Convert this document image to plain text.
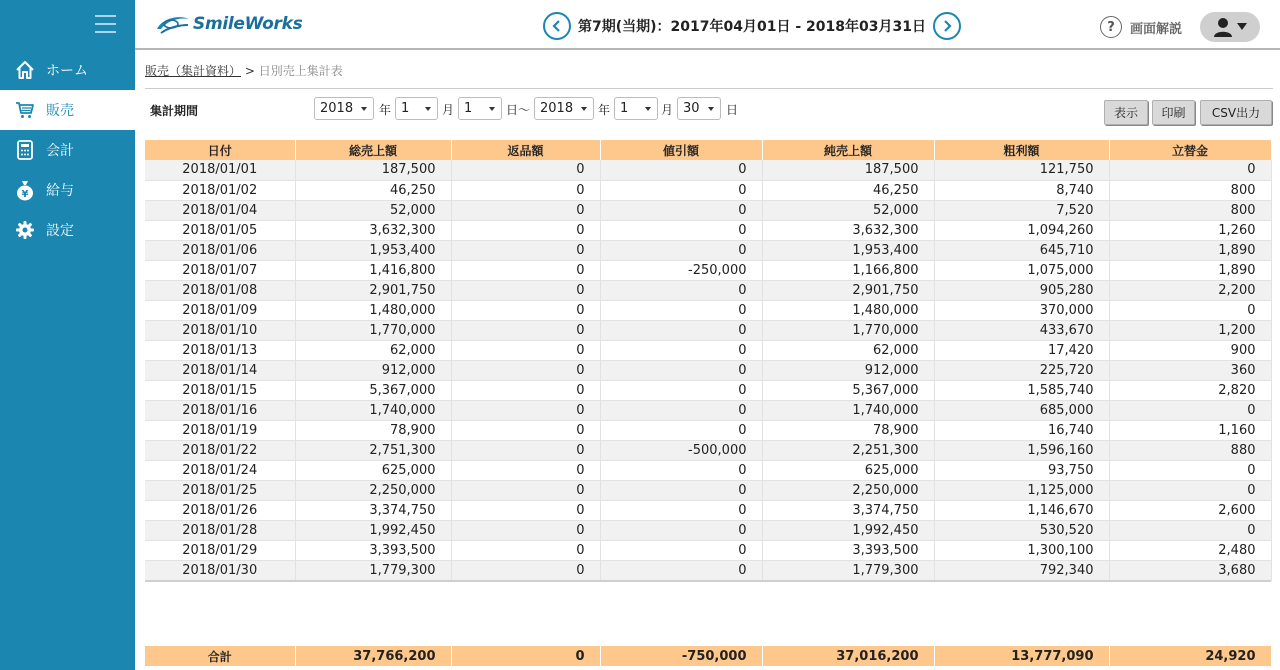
ホーム
販売
会計
¥ 給与
設定
SmileWorks	第7期(当期)：2017年04月01日 - 2018年03月31日	?	画面解説
販売（集計資料） > 日別売上集計表
集計期間	2018	年 1	月 1	日〜 2018	年 1	月 30	日	表示	印刷	CSV出力
日付	総売上額	返品額	値引額	純売上額	粗利額	立替金
2018/01/01	187,500	0	0	187,500	121,750	0
2018/01/02	46,250	0	0	46,250	8,740	800
2018/01/04	52,000	0	0	52,000	7,520	800
2018/01/05	3,632,300	0	0	3,632,300	1,094,260	1,260
2018/01/06	1,953,400	0	0	1,953,400	645,710	1,890
2018/01/07	1,416,800	0	-250,000	1,166,800	1,075,000	1,890
2018/01/08	2,901,750	0	0	2,901,750	905,280	2,200
2018/01/09	1,480,000	0	0	1,480,000	370,000	0
2018/01/10	1,770,000	0	0	1,770,000	433,670	1,200
2018/01/13	62,000	0	0	62,000	17,420	900
2018/01/14	912,000	0	0	912,000	225,720	360
2018/01/15	5,367,000	0	0	5,367,000	1,585,740	2,820
2018/01/16	1,740,000	0	0	1,740,000	685,000	0
2018/01/19	78,900	0	0	78,900	16,740	1,160
2018/01/22	2,751,300	0	-500,000	2,251,300	1,596,160	880
2018/01/24	625,000	0	0	625,000	93,750	0
2018/01/25	2,250,000	0	0	2,250,000	1,125,000	0
2018/01/26	3,374,750	0	0	3,374,750	1,146,670	2,600
2018/01/28	1,992,450	0	0	1,992,450	530,520	0
2018/01/29	3,393,500	0	0	3,393,500	1,300,100	2,480
2018/01/30	1,779,300	0	0	1,779,300	792,340	3,680
合計	37,766,200	0	-750,000	37,016,200	13,777,090	24,920
